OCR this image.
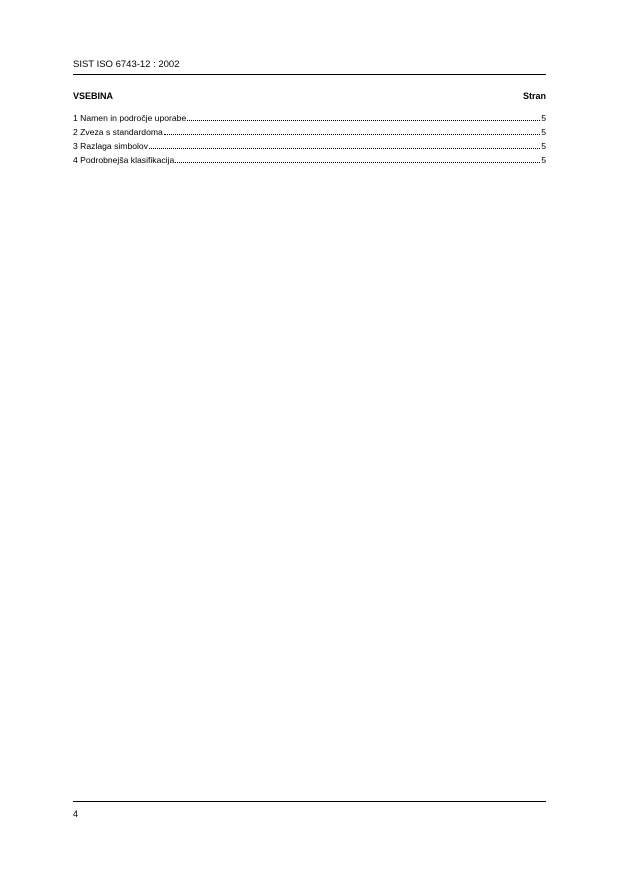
SIST ISO 6743-12 : 2002
VSEBINA	Stran
1 Namen in področje uporabe	5
2 Zveza s standardoma	5
3 Razlaga simbolov	5
4 Podrobnejša klasifikacija	5
4
